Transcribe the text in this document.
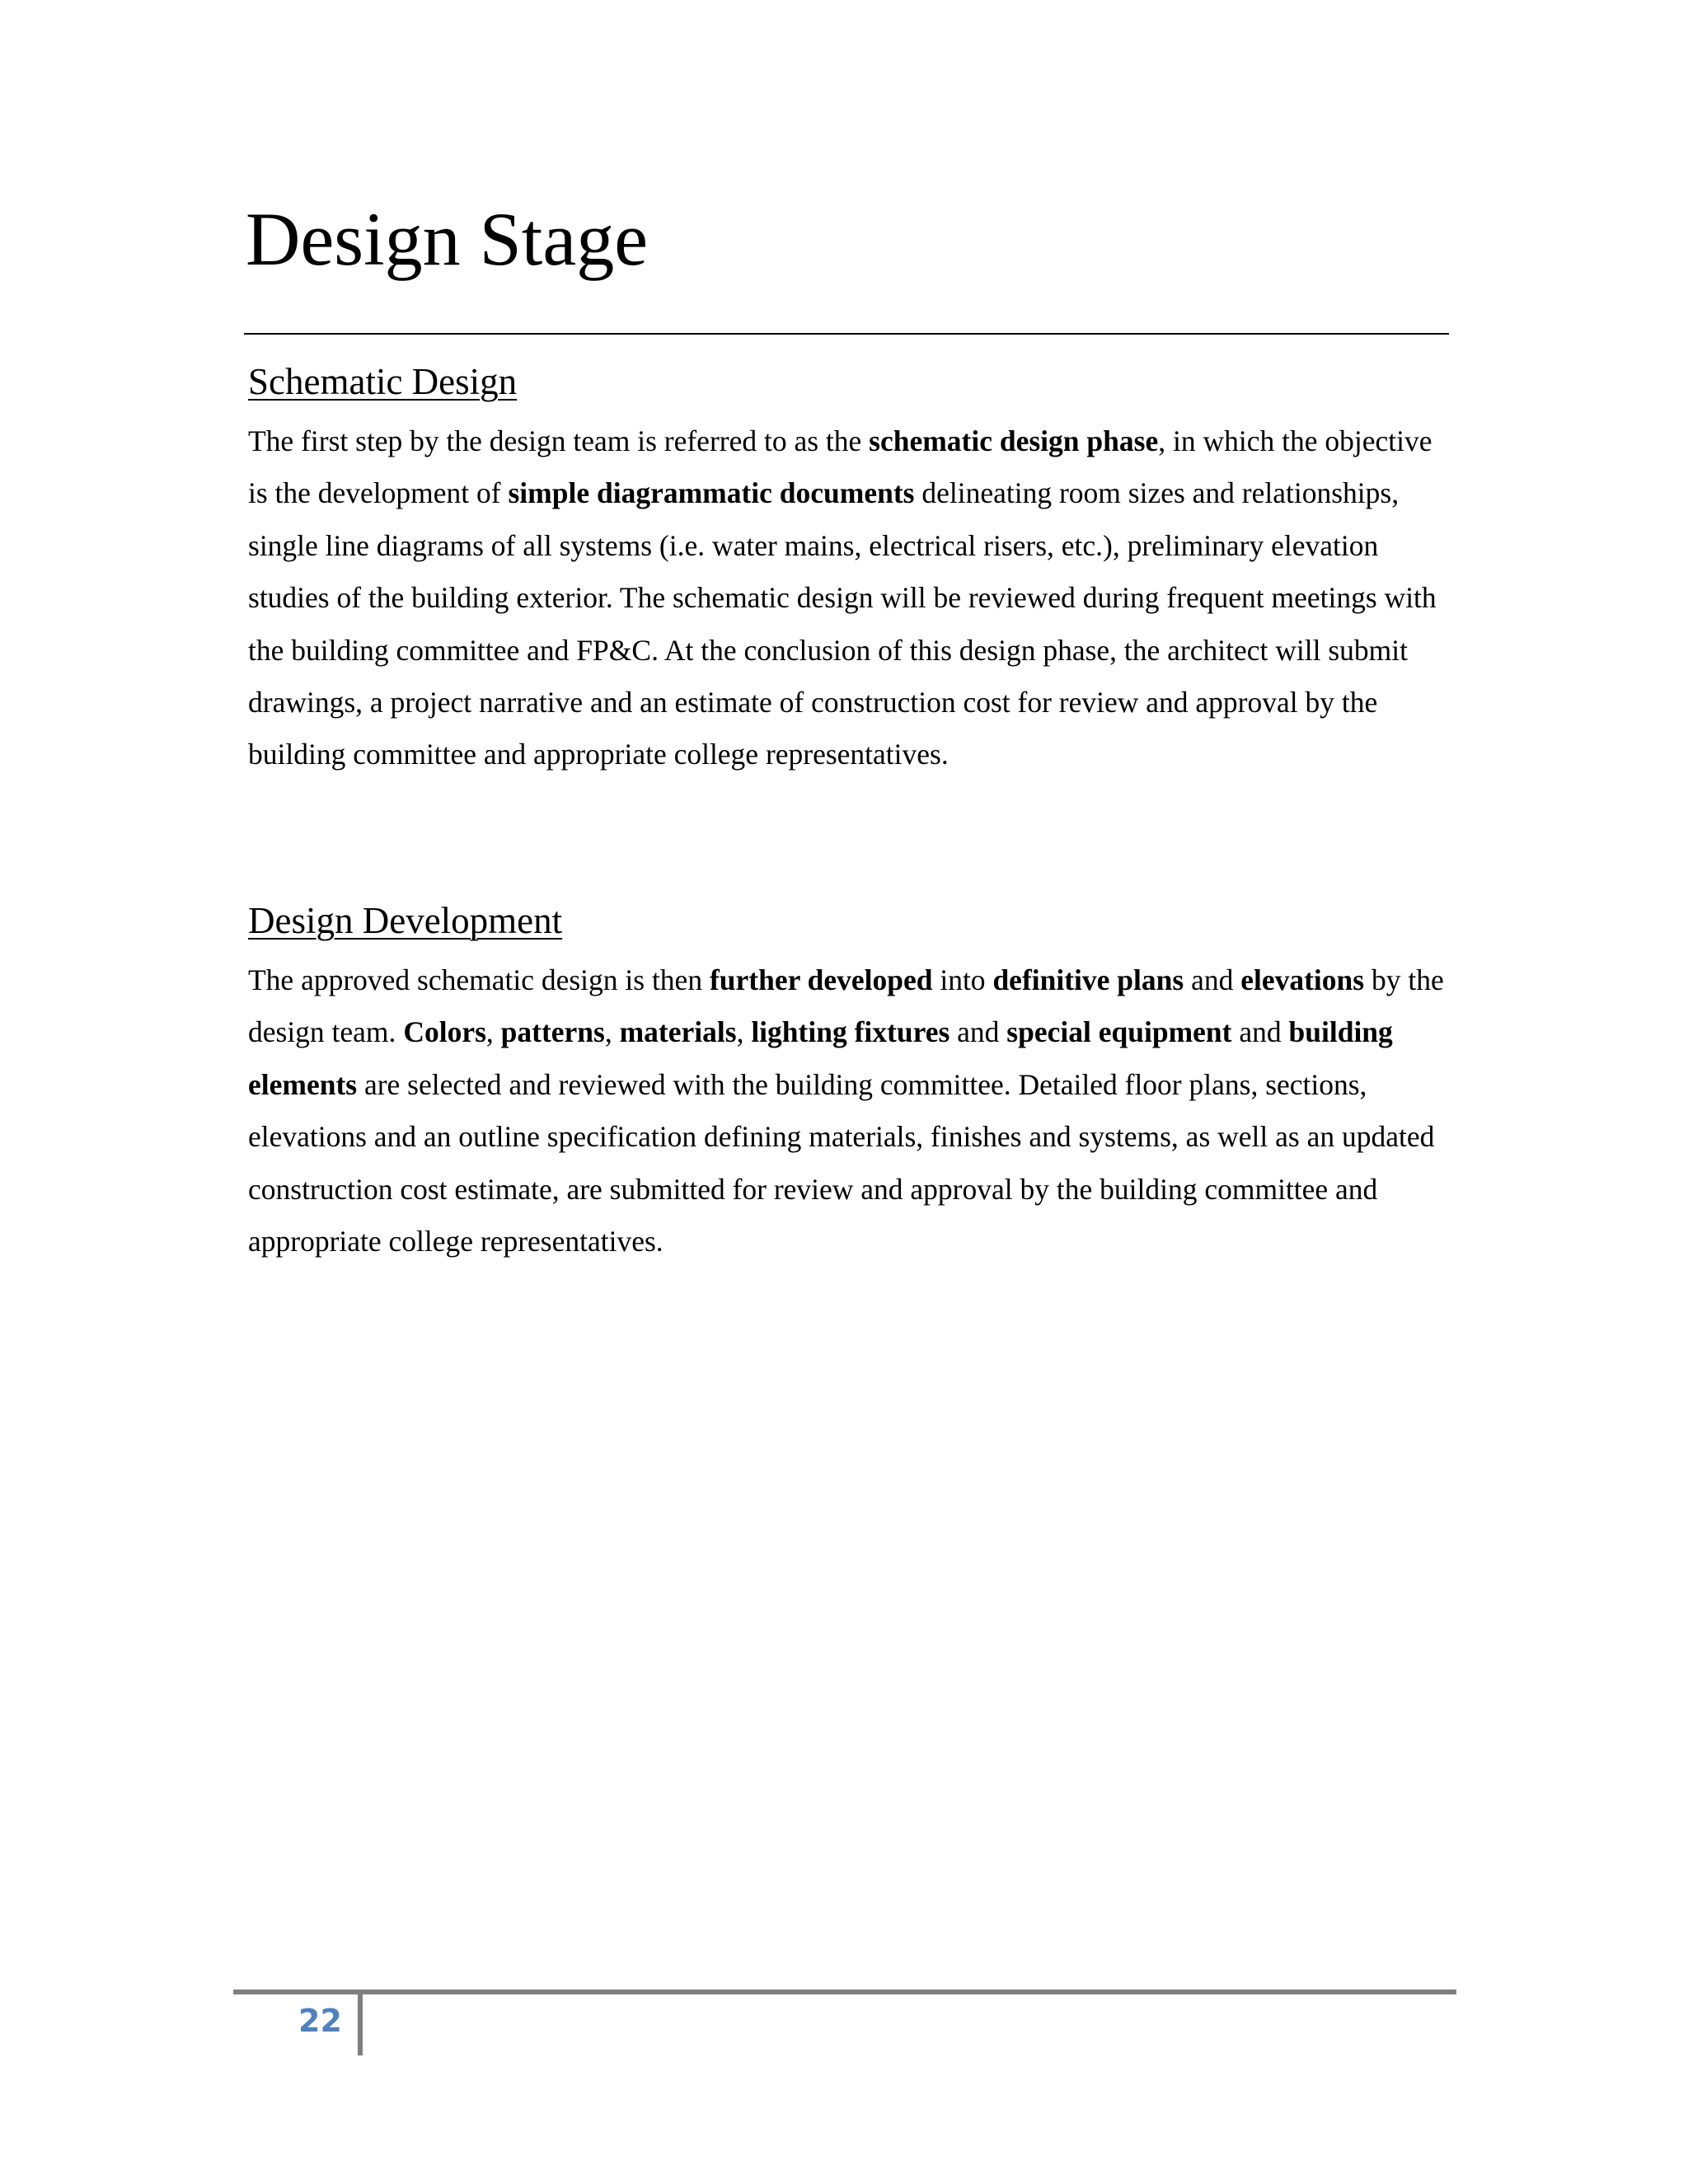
Design Stage
Schematic Design

The first step by the design team is referred to as the schematic design phase, in which the objective is the development of simple diagrammatic documents delineating room sizes and relationships, single line diagrams of all systems (i.e. water mains, electrical risers, etc.), preliminary elevation studies of the building exterior. The schematic design will be reviewed during frequent meetings with the building committee and FP&C. At the conclusion of this design phase, the architect will submit drawings, a project narrative and an estimate of construction cost for review and approval by the building committee and appropriate college representatives.

Design Development

The approved schematic design is then further developed into definitive plans and elevations by the design team. Colors, patterns, materials, lighting fixtures and special equipment and building elements are selected and reviewed with the building committee. Detailed floor plans, sections, elevations and an outline specification defining materials, finishes and systems, as well as an updated construction cost estimate, are submitted for review and approval by the building committee and appropriate college representatives.

22
